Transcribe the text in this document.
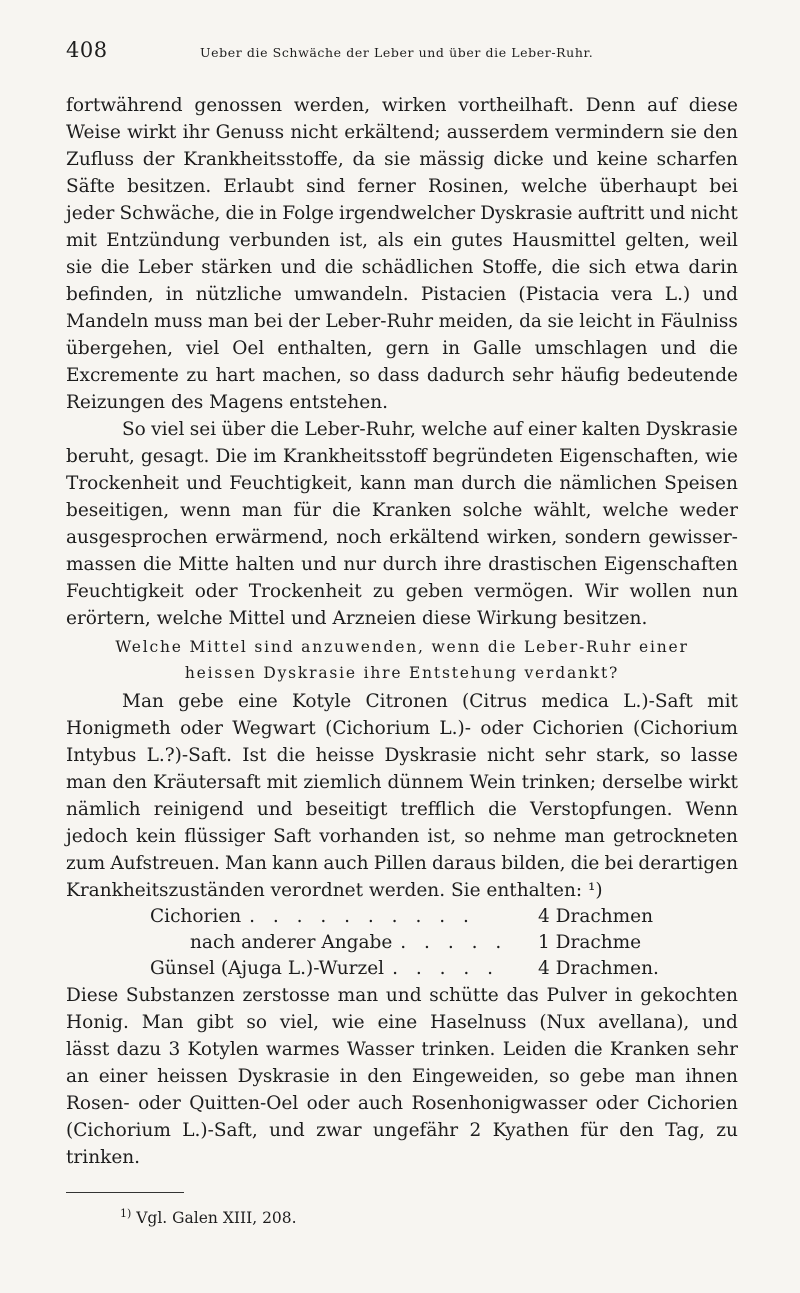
408	Ueber die Schwäche der Leber und über die Leber-Ruhr.
fortwährend genossen werden, wirken vortheilhaft. Denn auf diese
Weise wirkt ihr Genuss nicht erkältend; ausserdem vermindern sie den
Zufluss der Krankheitsstoffe, da sie mässig dicke und keine scharfen
Säfte besitzen. Erlaubt sind ferner Rosinen, welche überhaupt bei
jeder Schwäche, die in Folge irgendwelcher Dyskrasie auftritt und nicht
mit Entzündung verbunden ist, als ein gutes Hausmittel gelten, weil
sie die Leber stärken und die schädlichen Stoffe, die sich etwa darin
befinden, in nützliche umwandeln. Pistacien (Pistacia vera L.) und
Mandeln muss man bei der Leber-Ruhr meiden, da sie leicht in Fäulniss
übergehen, viel Oel enthalten, gern in Galle umschlagen und die
Excremente zu hart machen, so dass dadurch sehr häufig bedeutende
Reizungen des Magens entstehen.
So viel sei über die Leber-Ruhr, welche auf einer kalten Dyskrasie
beruht, gesagt. Die im Krankheitsstoff begründeten Eigenschaften, wie
Trockenheit und Feuchtigkeit, kann man durch die nämlichen Speisen
beseitigen, wenn man für die Kranken solche wählt, welche weder
ausgesprochen erwärmend, noch erkältend wirken, sondern gewisser-
massen die Mitte halten und nur durch ihre drastischen Eigenschaften
Feuchtigkeit oder Trockenheit zu geben vermögen. Wir wollen nun
erörtern, welche Mittel und Arzneien diese Wirkung besitzen.
Welche Mittel sind anzuwenden, wenn die Leber-Ruhr einer
heissen Dyskrasie ihre Entstehung verdankt?
Man gebe eine Kotyle Citronen (Citrus medica L.)-Saft mit
Honigmeth oder Wegwart (Cichorium L.)- oder Cichorien (Cichorium
Intybus L.?)-Saft. Ist die heisse Dyskrasie nicht sehr stark, so lasse
man den Kräutersaft mit ziemlich dünnem Wein trinken; derselbe wirkt
nämlich reinigend und beseitigt trefflich die Verstopfungen. Wenn
jedoch kein flüssiger Saft vorhanden ist, so nehme man getrockneten
zum Aufstreuen. Man kann auch Pillen daraus bilden, die bei derartigen
Krankheitszuständen verordnet werden. Sie enthalten: ¹)
Cichorien . . . . . . . . . .	4 Drachmen
nach anderer Angabe . . . . .	1 Drachme
Günsel (Ajuga L.)-Wurzel . . . . .	4 Drachmen.
Diese Substanzen zerstosse man und schütte das Pulver in gekochten
Honig. Man gibt so viel, wie eine Haselnuss (Nux avellana), und
lässt dazu 3 Kotylen warmes Wasser trinken. Leiden die Kranken sehr
an einer heissen Dyskrasie in den Eingeweiden, so gebe man ihnen
Rosen- oder Quitten-Oel oder auch Rosenhonigwasser oder Cichorien
(Cichorium L.)-Saft, und zwar ungefähr 2 Kyathen für den Tag, zu
trinken.
$^{1)}$ Vgl. Galen XIII, 208.
